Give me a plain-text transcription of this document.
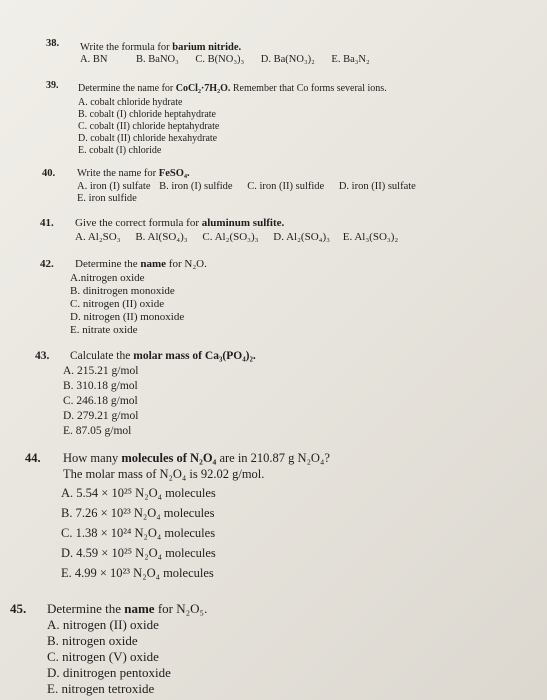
38. Write the formula for barium nitride.
A. BN	B. BaNO₃ C. B(NO₃)₃ D. Ba(NO₃)₂ E. Ba₃N₂
39. Determine the name for CoCl₂·7H₂O. Remember that Co forms several ions.
A. cobalt chloride hydrate
B. cobalt (I) chloride heptahydrate
C. cobalt (II) chloride heptahydrate
D. cobalt (II) chloride hexahydrate
E. cobalt (I) chloride
40. Write the name for FeSO₄.
A. iron (I) sulfate B. iron (I) sulfide C. iron (II) sulfide D. iron (II) sulfate
E. iron sulfide
41. Give the correct formula for aluminum sulfite.
A. Al₂SO₃ B. Al(SO₄)₃ C. Al₂(SO₃)₃ D. Al₂(SO₄)₃ E. Al₃(SO₃)₂
42. Determine the name for N₂O.
A.nitrogen oxide
B. dinitrogen monoxide
C. nitrogen (II) oxide
D. nitrogen (II) monoxide
E. nitrate oxide
43. Calculate the molar mass of Ca₃(PO₄)₂.
A. 215.21 g/mol
B. 310.18 g/mol
C. 246.18 g/mol
D. 279.21 g/mol
E. 87.05 g/mol
44. How many molecules of N₂O₄ are in 210.87 g N₂O₄?
The molar mass of N₂O₄ is 92.02 g/mol.
A. 5.54 × 10²⁵ N₂O₄ molecules
B. 7.26 × 10²³ N₂O₄ molecules
C. 1.38 × 10²⁴ N₂O₄ molecules
D. 4.59 × 10²⁵ N₂O₄ molecules
E. 4.99 × 10²³ N₂O₄ molecules
45. Determine the name for N₂O₅.
A. nitrogen (II) oxide
B. nitrogen oxide
C. nitrogen (V) oxide
D. dinitrogen pentoxide
E. nitrogen tetroxide
